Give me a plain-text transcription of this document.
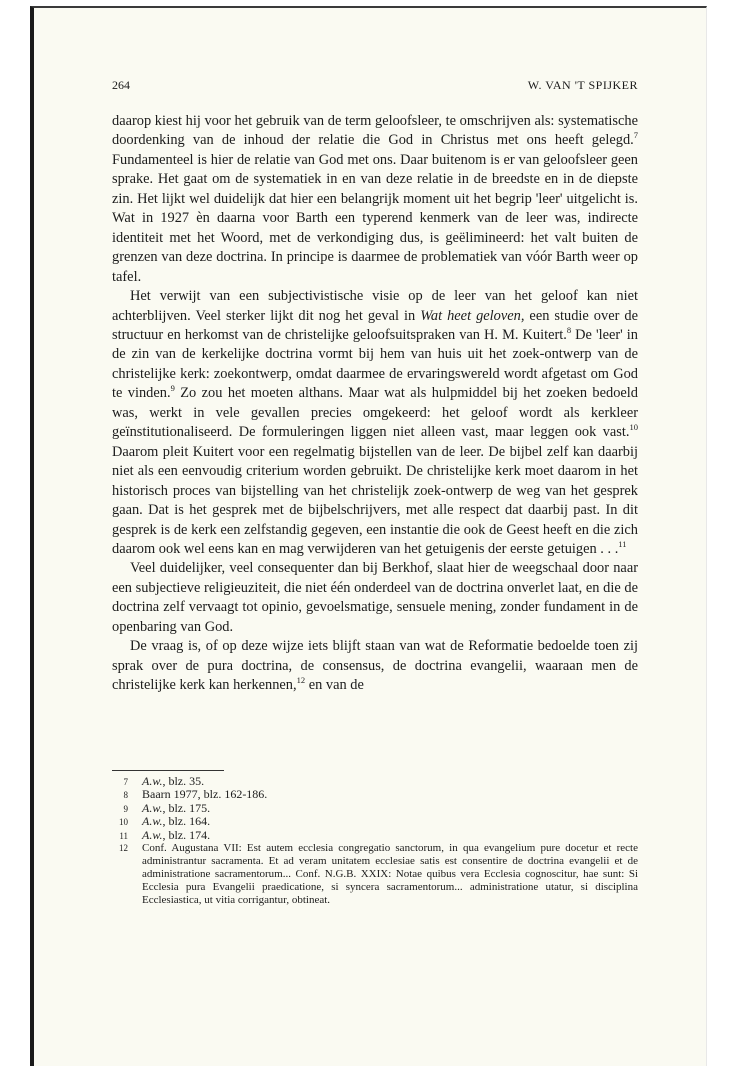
264	W. VAN 'T SPIJKER

daarop kiest hij voor het gebruik van de term geloofsleer, te omschrijven als: systematische doordenking van de inhoud der relatie die God in Christus met ons heeft gelegd.$^7$ Fundamenteel is hier de relatie van God met ons. Daar buitenom is er van geloofsleer geen sprake. Het gaat om de systematiek in en van deze relatie in de breedste en in de diepste zin. Het lijkt wel duidelijk dat hier een belangrijk moment uit het begrip 'leer' uitgelicht is. Wat in 1927 èn daarna voor Barth een typerend kenmerk van de leer was, indirecte identiteit met het Woord, met de verkondiging dus, is geëlimineerd: het valt buiten de grenzen van deze doctrina. In principe is daarmee de problematiek van vóór Barth weer op tafel.

Het verwijt van een subjectivistische visie op de leer van het geloof kan niet achterblijven. Veel sterker lijkt dit nog het geval in Wat heet geloven, een studie over de structuur en herkomst van de christelijke geloofsuitspraken van H. M. Kuitert.$^8$ De 'leer' in de zin van de kerkelijke doctrina vormt bij hem van huis uit het zoek-ontwerp van de christelijke kerk: zoekontwerp, omdat daarmee de ervaringswereld wordt afgetast om God te vinden.$^9$ Zo zou het moeten althans. Maar wat als hulpmiddel bij het zoeken bedoeld was, werkt in vele gevallen precies omgekeerd: het geloof wordt als kerkleer geïnstitutionaliseerd. De formuleringen liggen niet alleen vast, maar leggen ook vast.$^{10}$ Daarom pleit Kuitert voor een regelmatig bijstellen van de leer. De bijbel zelf kan daarbij niet als een eenvoudig criterium worden gebruikt. De christelijke kerk moet daarom in het historisch proces van bijstelling van het christelijk zoek-ontwerp de weg van het gesprek gaan. Dat is het gesprek met de bijbelschrijvers, met alle respect dat daarbij past. In dit gesprek is de kerk een zelfstandig gegeven, een instantie die ook de Geest heeft en die zich daarom ook wel eens kan en mag verwijderen van het getuigenis der eerste getuigen . . .$^{11}$

Veel duidelijker, veel consequenter dan bij Berkhof, slaat hier de weegschaal door naar een subjectieve religieuziteit, die niet één onderdeel van de doctrina onverlet laat, en die de doctrina zelf vervaagt tot opinio, gevoelsmatige, sensuele mening, zonder fundament in de openbaring van God.

De vraag is, of op deze wijze iets blijft staan van wat de Reformatie bedoelde toen zij sprak over de pura doctrina, de consensus, de doctrina evangelii, waaraan men de christelijke kerk kan herkennen,$^{12}$ en van de

7 A.w., blz. 35.
8 Baarn 1977, blz. 162-186.
9 A.w., blz. 175.
10 A.w., blz. 164.
11 A.w., blz. 174.
12 Conf. Augustana VII: Est autem ecclesia congregatio sanctorum, in qua evangelium pure docetur et recte administrantur sacramenta. Et ad veram unitatem ecclesiae satis est consentire de doctrina evangelii et de administratione sacramentorum... Conf. N.G.B. XXIX: Notae quibus vera Ecclesia cognoscitur, hae sunt: Si Ecclesia pura Evangelii praedicatione, si syncera sacramentorum... administratione utatur, si disciplina Ecclesiastica, ut vitia corrigantur, obtineat.
